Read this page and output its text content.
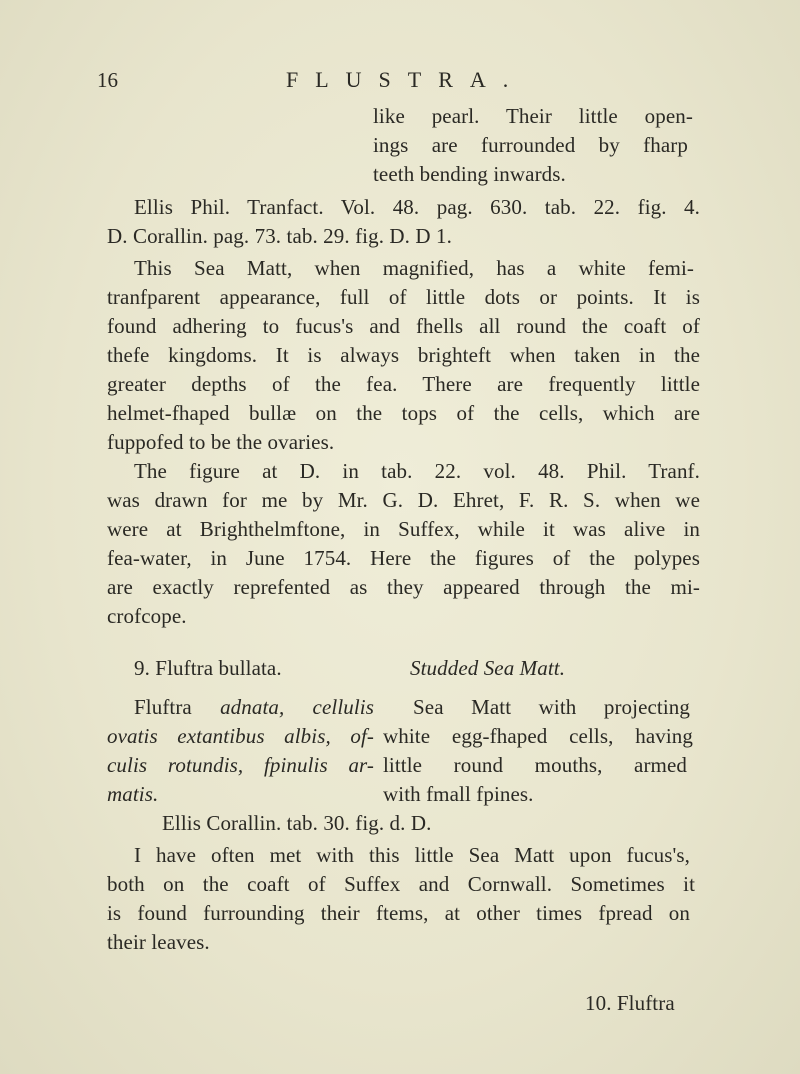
16	FLUSTRA.
like pearl. Their little open-
ings are furrounded by fharp
teeth bending inwards.
Ellis Phil. Tranfact. Vol. 48. pag. 630. tab. 22. fig. 4.
D. Corallin. pag. 73. tab. 29. fig. D. D 1.
This Sea Matt, when magnified, has a white femi-
tranfparent appearance, full of little dots or points. It is
found adhering to fucus's and fhells all round the coaft of
thefe kingdoms. It is always brighteft when taken in the
greater depths of the fea. There are frequently little
helmet-fhaped bullæ on the tops of the cells, which are
fuppofed to be the ovaries.
The figure at D. in tab. 22. vol. 48. Phil. Tranf.
was drawn for me by Mr. G. D. Ehret, F. R. S. when we
were at Brighthelmftone, in Suffex, while it was alive in
fea-water, in June 1754. Here the figures of the polypes
are exactly reprefented as they appeared through the mi-
crofcope.
9. Fluftra bullata.	Studded Sea Matt.
Fluftra adnata, cellulis
ovatis extantibus albis, of-
culis rotundis, fpinulis ar-
matis.
Sea Matt with projecting
white egg-fhaped cells, having
little round mouths, armed
with fmall fpines.
Ellis Corallin. tab. 30. fig. d. D.
I have often met with this little Sea Matt upon fucus's,
both on the coaft of Suffex and Cornwall. Sometimes it
is found furrounding their ftems, at other times fpread on
their leaves.
10. Fluftra
